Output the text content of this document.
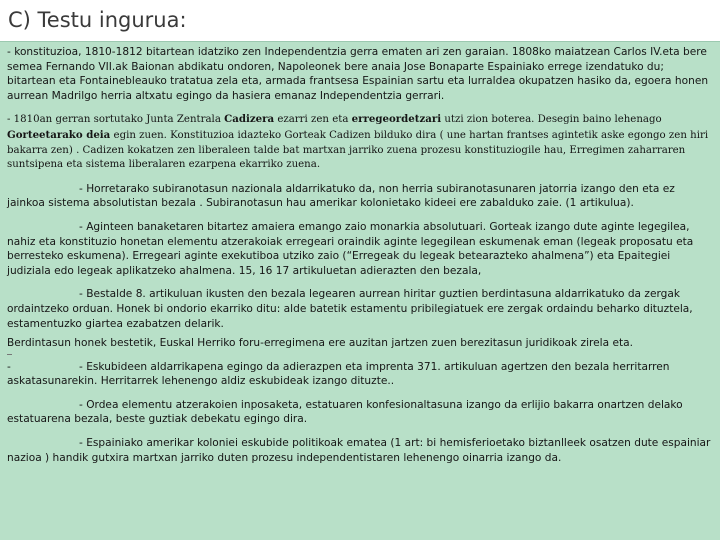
C) Testu ingurua:

- konstituzioa, 1810-1812 bitartean idatziko zen Independentzia gerra ematen ari zen garaian. 1808ko maiatzean Carlos IV.eta bere semea Fernando VII.ak Baionan abdikatu ondoren, Napoleonek bere anaia Jose Bonaparte Espainiako errege izendatuko du; bitartean eta Fontainebleauko tratatua zela eta, armada frantsesa Espainian sartu eta lurraldea okupatzen hasiko da, egoera honen aurrean Madrilgo herria altxatu egingo da hasiera emanaz Independentzia gerrari.

- 1810an gerran sortutako Junta Zentrala Cadizera ezarri zen eta erregeordetzari utzi zion boterea. Desegin baino lehenago Gorteetarako deia egin zuen. Konstituzioa idazteko Gorteak Cadizen bilduko dira ( une hartan frantses agintetik aske egongo zen hiri bakarra zen) . Cadizen kokatzen zen liberaleen talde bat martxan jarriko zuena prozesu konstituziogile hau, Erregimen zaharraren suntsipena eta sistema liberalaren ezarpena ekarriko zuena.

- Horretarako subiranotasun nazionala aldarrikatuko da, non herria subiranotasunaren jatorria izango den eta ez jainkoa sistema absolutistan bezala . Subiranotasun hau amerikar kolonietako kideei ere zabalduko zaie. (1 artikulua).

- Aginteen banaketaren bitartez amaiera emango zaio monarkia absolutuari. Gorteak izango dute aginte legegilea, nahiz eta konstituzio honetan elementu atzerakoiak erregeari oraindik aginte legegilean eskumenak eman (legeak proposatu eta berresteko eskumena). Erregeari aginte exekutiboa utziko zaio (“Erregeak du legeak betearazteko ahalmena”) eta Epaitegiei judiziala edo legeak aplikatzeko ahalmena. 15, 16 17 artikuluetan adierazten den bezala,

- Bestalde 8. artikuluan ikusten den bezala legearen aurrean hiritar guztien berdintasuna aldarrikatuko da zergak ordaintzeko orduan. Honek bi ondorio ekarriko ditu: alde batetik estamentu pribilegiatuek ere zergak ordaindu beharko dituztela, estamentuzko giartea ezabatzen delarik.

Berdintasun honek bestetik, Euskal Herriko foru-erregimena ere auzitan jartzen zuen berezitasun juridikoak zirela eta.

-	- Eskubideen aldarrikapena egingo da adierazpen eta imprenta 371. artikuluan agertzen den bezala herritarren askatasunarekin. Herritarrek lehenengo aldiz eskubideak izango dituzte..

- Ordea elementu atzerakoien inposaketa, estatuaren konfesionaltasuna izango da erlijio bakarra onartzen delako estatuarena bezala, beste guztiak debekatu egingo dira.

- Espainiako amerikar koloniei eskubide politikoak ematea (1 art: bi hemisferioetako biztanlleek osatzen dute espainiar nazioa ) handik gutxira martxan jarriko duten prozesu independentistaren lehenengo oinarria izango da.
